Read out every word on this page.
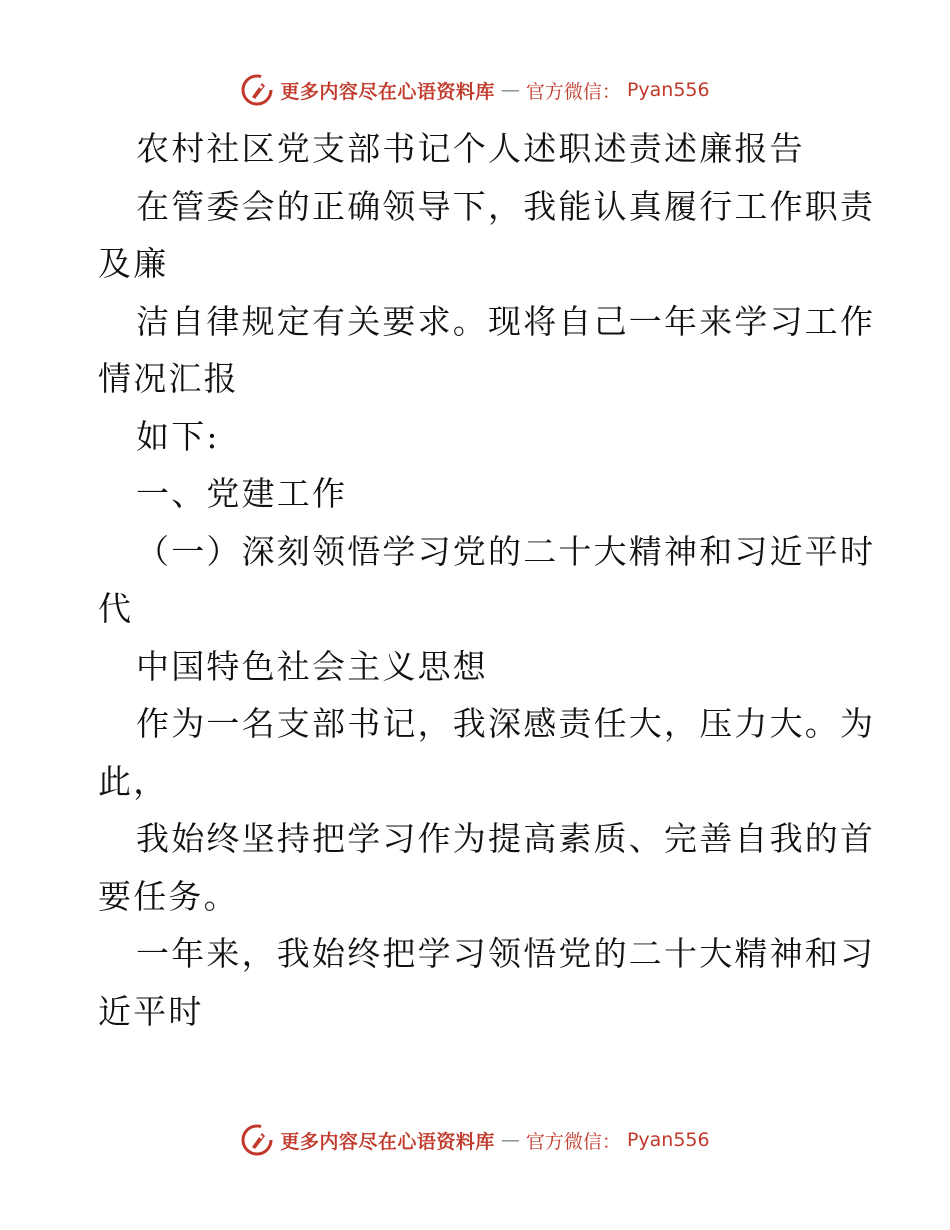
更多内容尽在心语资料库 — 官方微信： Pyan556
农村社区党支部书记个人述职述责述廉报告
在管委会的正确领导下，我能认真履行工作职责
及廉
洁自律规定有关要求。现将自己一年来学习工作
情况汇报
如下:
一、党建工作
（一）深刻领悟学习党的二十大精神和习近平时
代
中国特色社会主义思想
作为一名支部书记，我深感责任大，压力大。为
此，
我始终坚持把学习作为提高素质、完善自我的首
要任务。
一年来，我始终把学习领悟党的二十大精神和习
近平时
更多内容尽在心语资料库 — 官方微信： Pyan556
